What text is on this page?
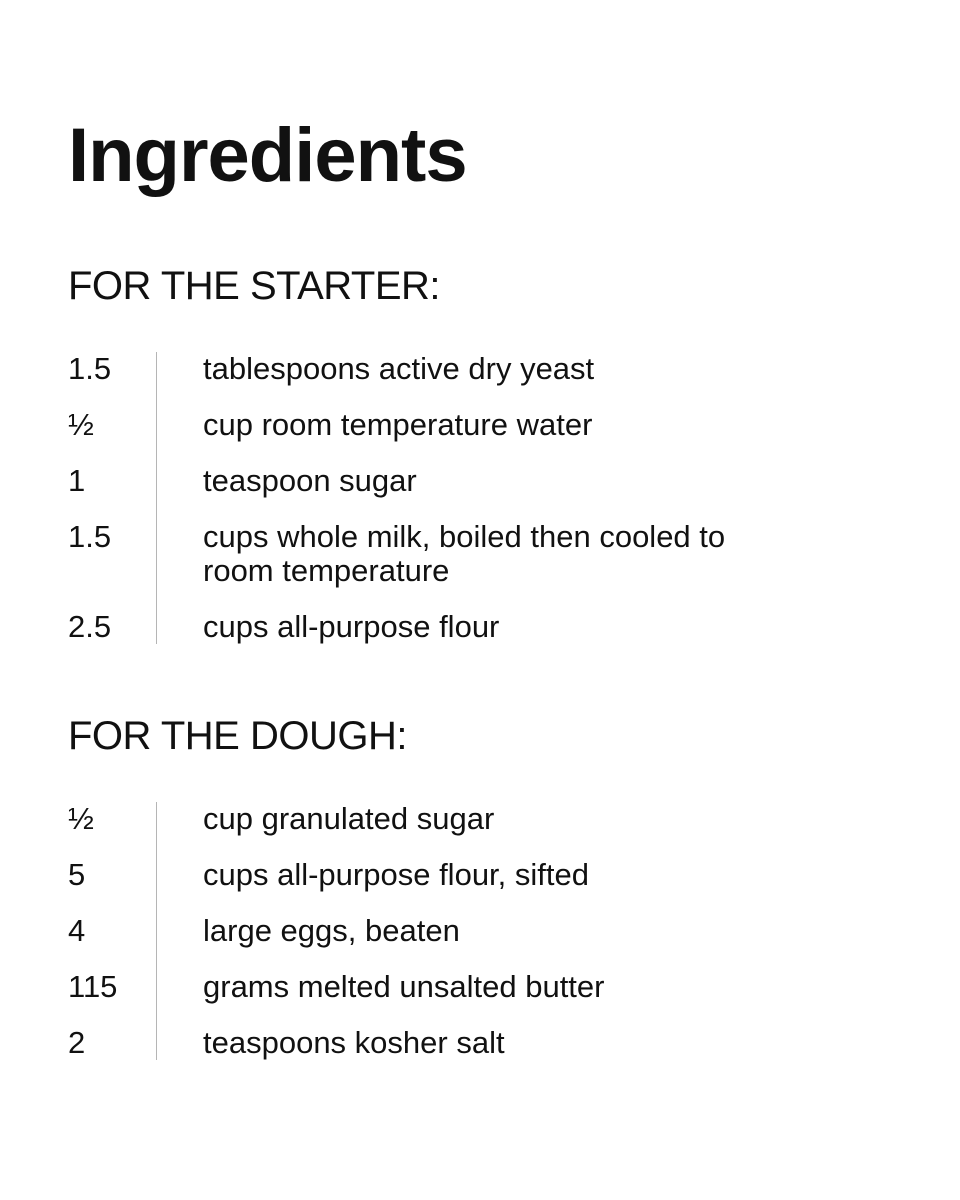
Ingredients
FOR THE STARTER:
1.5	tablespoons active dry yeast
½	cup room temperature water
1	teaspoon sugar
1.5	cups whole milk, boiled then cooled to room temperature
2.5	cups all-purpose flour
FOR THE DOUGH:
½	cup granulated sugar
5	cups all-purpose flour, sifted
4	large eggs, beaten
115	grams melted unsalted butter
2	teaspoons kosher salt
